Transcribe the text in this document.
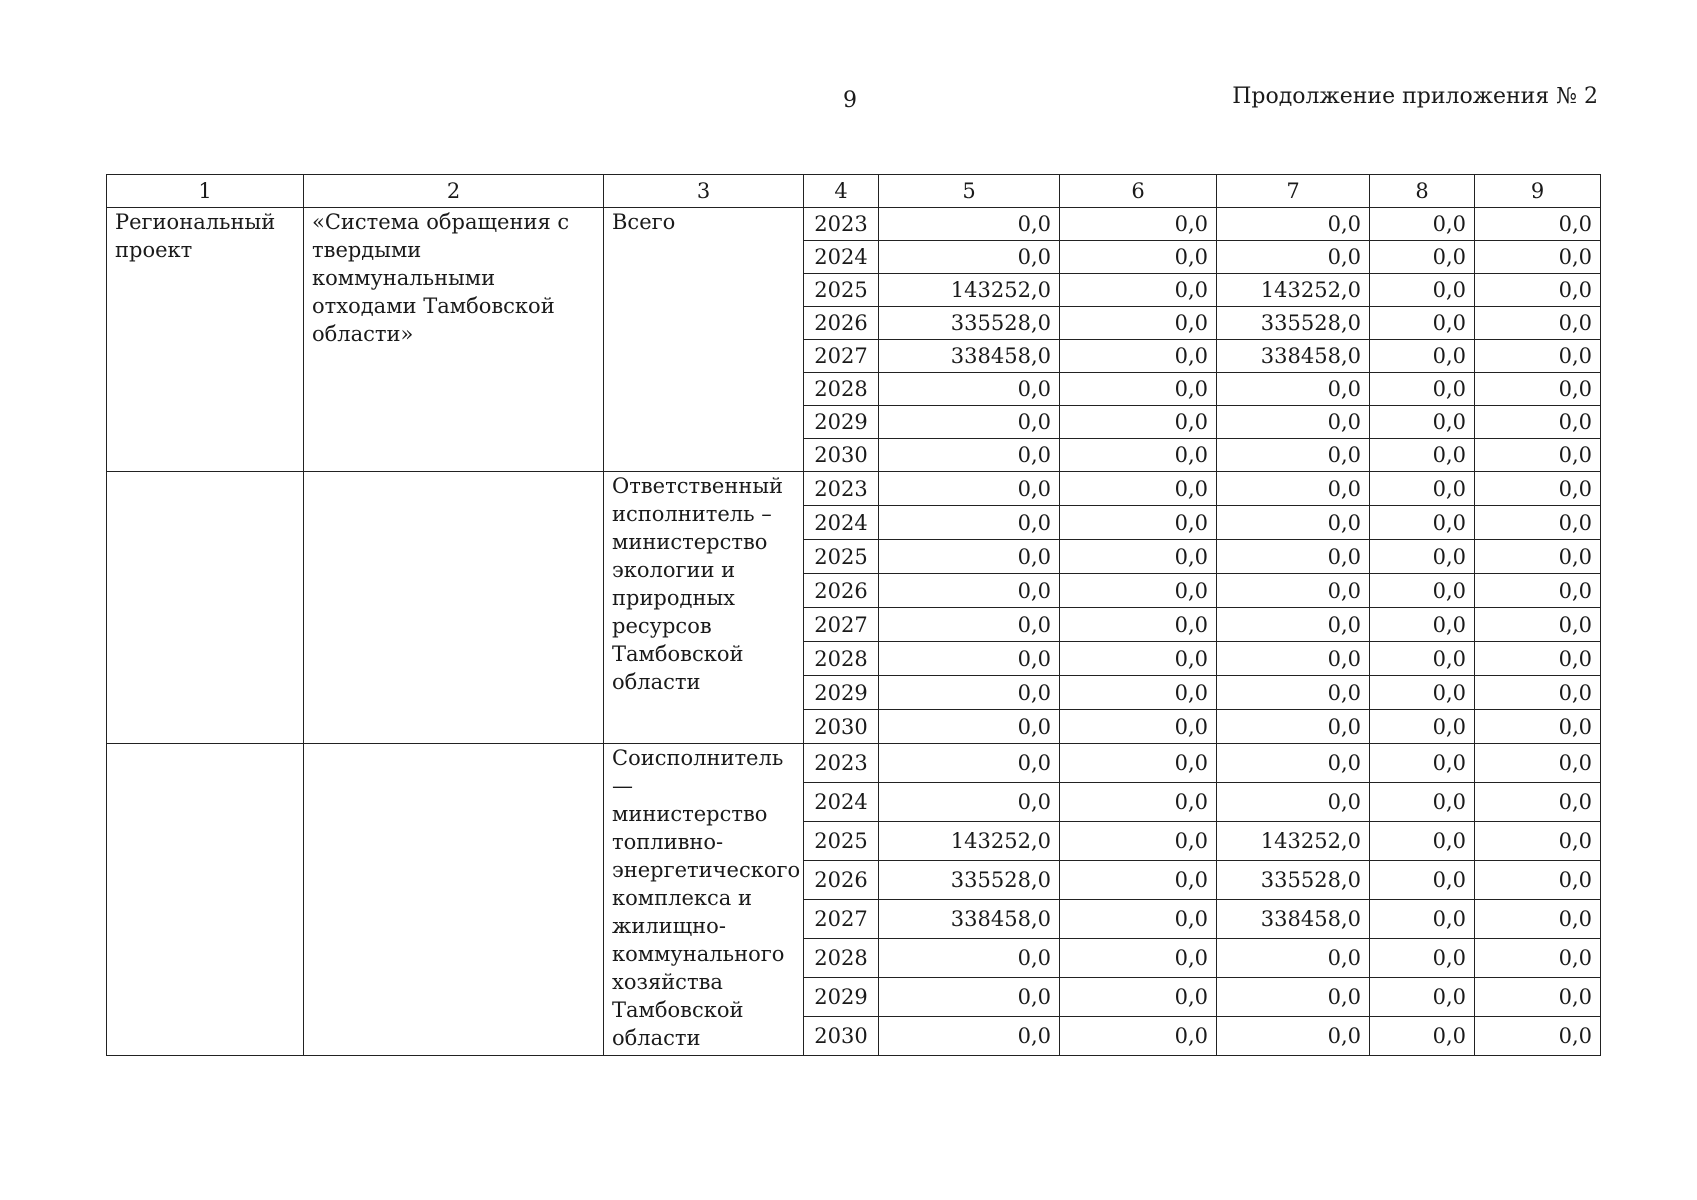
9	Продолжение приложения № 2
1	2	3	4	5	6	7	8	9
Региональный проект	«Система обращения с твердыми коммунальными отходами Тамбовской области»	Всего	2023	0,0	0,0	0,0	0,0	0,0
			2024	0,0	0,0	0,0	0,0	0,0
			2025	143252,0	0,0	143252,0	0,0	0,0
			2026	335528,0	0,0	335528,0	0,0	0,0
			2027	338458,0	0,0	338458,0	0,0	0,0
			2028	0,0	0,0	0,0	0,0	0,0
			2029	0,0	0,0	0,0	0,0	0,0
			2030	0,0	0,0	0,0	0,0	0,0
		Ответственный исполнитель – министерство экологии и природных ресурсов Тамбовской области	2023	0,0	0,0	0,0	0,0	0,0
			2024	0,0	0,0	0,0	0,0	0,0
			2025	0,0	0,0	0,0	0,0	0,0
			2026	0,0	0,0	0,0	0,0	0,0
			2027	0,0	0,0	0,0	0,0	0,0
			2028	0,0	0,0	0,0	0,0	0,0
			2029	0,0	0,0	0,0	0,0	0,0
			2030	0,0	0,0	0,0	0,0	0,0
		Соисполнитель — министерство топливно-энергетического комплекса и жилищно-коммунального хозяйства Тамбовской области	2023	0,0	0,0	0,0	0,0	0,0
			2024	0,0	0,0	0,0	0,0	0,0
			2025	143252,0	0,0	143252,0	0,0	0,0
			2026	335528,0	0,0	335528,0	0,0	0,0
			2027	338458,0	0,0	338458,0	0,0	0,0
			2028	0,0	0,0	0,0	0,0	0,0
			2029	0,0	0,0	0,0	0,0	0,0
			2030	0,0	0,0	0,0	0,0	0,0
